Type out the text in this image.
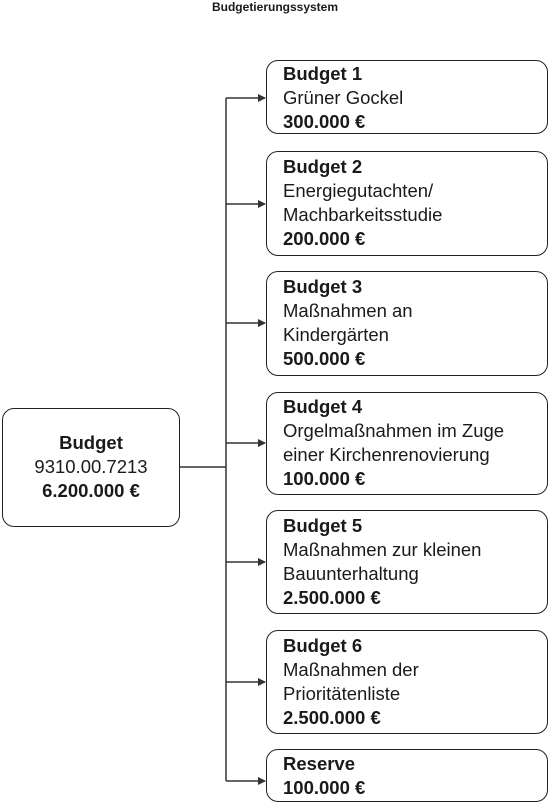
Budgetierungssystem
Budget
9310.00.7213
6.200.000 €
Budget 1
Grüner Gockel
300.000 €
Budget 2
Energiegutachten/
Machbarkeitsstudie
200.000 €
Budget 3
Maßnahmen an
Kindergärten
500.000 €
Budget 4
Orgelmaßnahmen im Zuge
einer Kirchenrenovierung
100.000 €
Budget 5
Maßnahmen zur kleinen
Bauunterhaltung
2.500.000 €
Budget 6
Maßnahmen der
Prioritätenliste
2.500.000 €
Reserve
100.000 €
